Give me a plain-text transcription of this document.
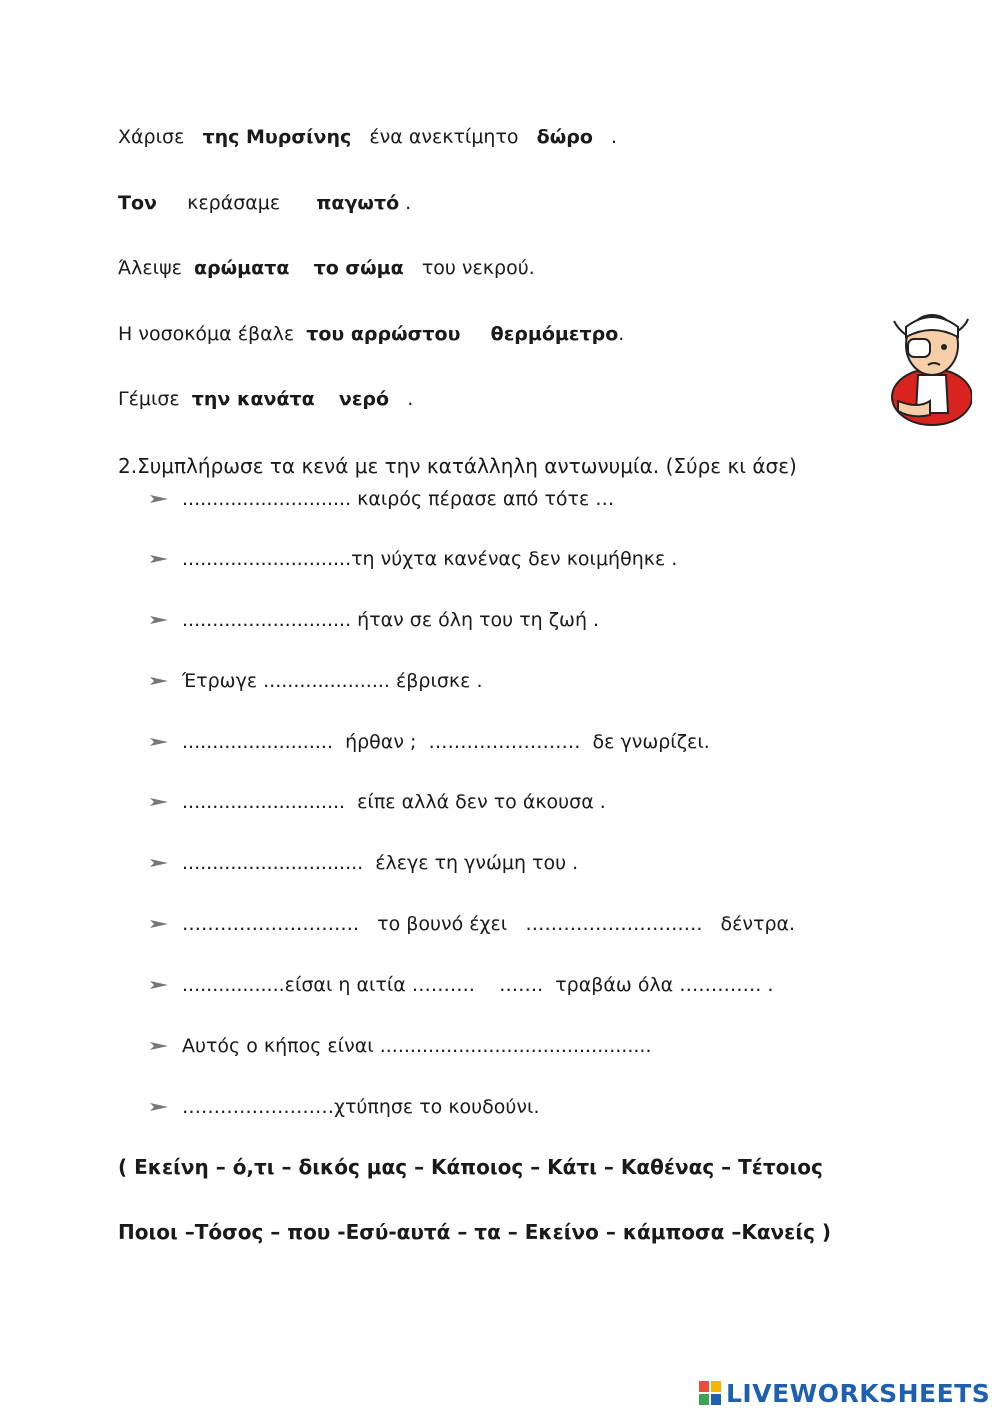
Χάρισε της Μυρσίνης ένα ανεκτίμητο δώρο .
Τον κεράσαμε παγωτό .
Άλειψε αρώματα το σώμα του νεκρού.
Η νοσοκόμα έβαλε του αρρώστου θερμόμετρο.
Γέμισε την κανάτα νερό .
2.Συμπλήρωσε τα κενά με την κατάλληλη αντωνυμία. (Σύρε κι άσε)

............................ καιρός πέρασε από τότε …

............................τη νύχτα κανένας δεν κοιμήθηκε .

............................ ήταν σε όλη του τη ζωή .

Έτρωγε ..................... έβρισκε .

.........................  ήρθαν ;  ……………………  δε γνωρίζει.

...........................  είπε αλλά δεν το άκουσα .

..............................  έλεγε τη γνώμη του .

……………………….   το βουνό έχει   ……………………….   δέντρα.

.................είσαι η αιτία ……….    …….  τραβάω όλα …………. .

Αυτός ο κήπος είναι .............................................

……………………χτύπησε το κουδούνι.

( Εκείνη – ό,τι – δικός μας – Κάποιος – Κάτι – Καθένας – Τέτοιος
Ποιοι –Τόσος – που -Εσύ-αυτά – τα – Εκείνο – κάμποσα –Κανείς )
LIVEWORKSHEETS
